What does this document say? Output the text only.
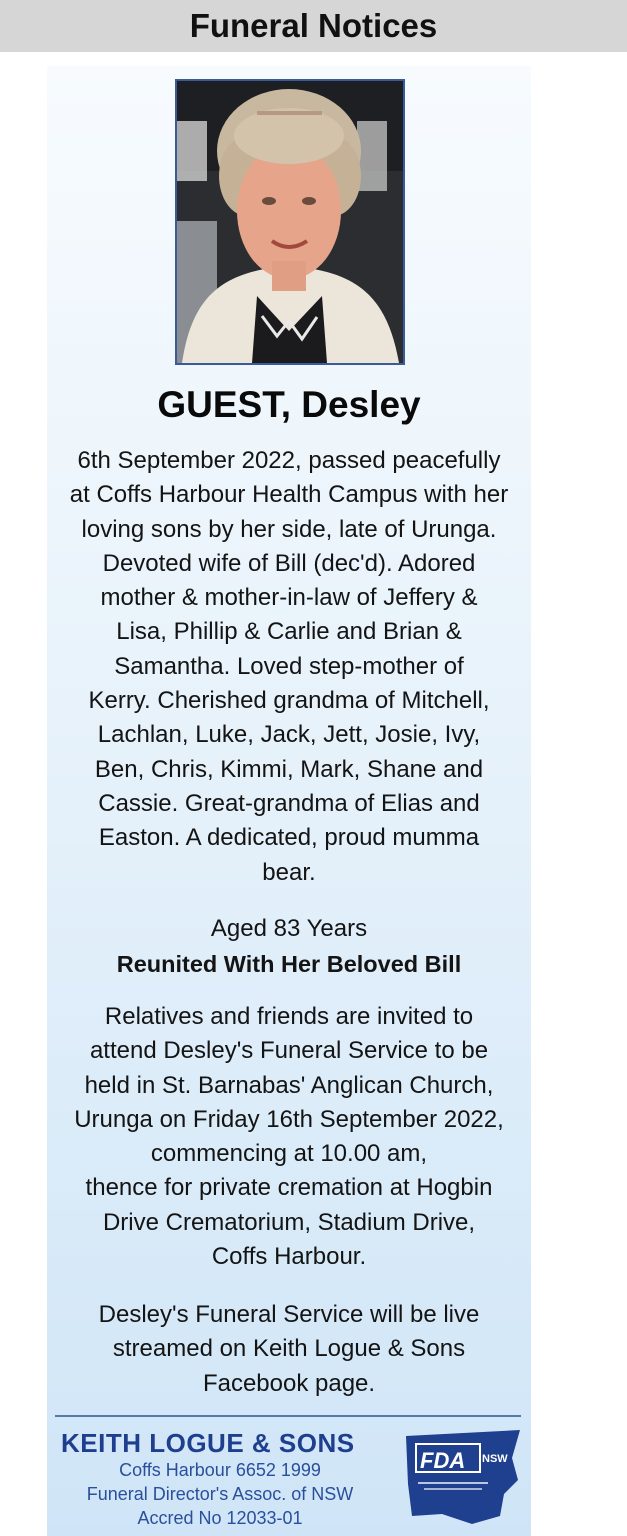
Funeral Notices
GUEST, Desley
6th September 2022, passed peacefully
at Coffs Harbour Health Campus with her
loving sons by her side, late of Urunga.
Devoted wife of Bill (dec'd). Adored
mother & mother-in-law of Jeffery &
Lisa, Phillip & Carlie and Brian &
Samantha. Loved step-mother of
Kerry. Cherished grandma of Mitchell,
Lachlan, Luke, Jack, Jett, Josie, Ivy,
Ben, Chris, Kimmi, Mark, Shane and
Cassie. Great-grandma of Elias and
Easton. A dedicated, proud mumma
bear.
Aged 83 Years
Reunited With Her Beloved Bill
Relatives and friends are invited to
attend Desley's Funeral Service to be
held in St. Barnabas' Anglican Church,
Urunga on Friday 16th September 2022,
commencing at 10.00 am,
thence for private cremation at Hogbin
Drive Crematorium, Stadium Drive,
Coffs Harbour.
Desley's Funeral Service will be live
streamed on Keith Logue & Sons
Facebook page.
KEITH LOGUE & SONS
Coffs Harbour 6652 1999
Funeral Director's Assoc. of NSW
Accred No 12033-01
FDA NSW
